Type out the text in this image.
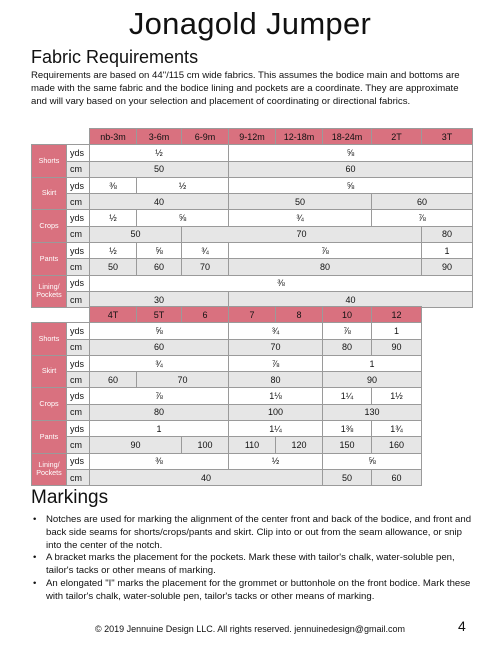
Jonagold Jumper
Fabric Requirements

Requirements are based on 44"/115 cm wide fabrics. This assumes the bodice main and bottoms are made with the same fabric and the bodice lining and pockets are a coordinate. They are approximate and will vary based on your selection and placement of coordinating or directional fabrics.

		nb-3m	3-6m	6-9m	9-12m	12-18m	18-24m	2T	3T
Shorts	yds	½			⅝				
	cm	50			60				
Skirt	yds	⅜	½		⅝				
	cm	40			50			60	
Crops	yds	½	⅝		¾			⅞	
	cm	50		70					80
Pants	yds	½	⅝	¾	⅞				1
	cm	50	60	70	80				90
Lining/ Pockets	yds	⅜							
	cm	30			40				
		4T	5T	6	7	8	10	12
Shorts	yds	⅝			¾		⅞	1
	cm	60			70		80	90
Skirt	yds	¾			⅞		1	
	cm	60	70		80		90	
Crops	yds	⅞			1⅛		1¼	1½
	cm	80			100		130	
Pants	yds	1			1¼		1⅜	1¾
	cm	90		100	110	120	150	160
Lining/ Pockets	yds	⅜			½		⅝	
	cm	40					50	60
Markings
• Notches are used for marking the alignment of the center front and back of the bodice, and front and back side seams for shorts/crops/pants and skirt. Clip into or out from the seam allowance, or snip into the center of the notch.
• A bracket marks the placement for the pockets. Mark these with tailor's chalk, water-soluble pen, tailor's tacks or other means of marking.
• An elongated "I" marks the placement for the grommet or buttonhole on the front bodice. Mark these with tailor's chalk, water-soluble pen, tailor's tacks or other means of marking.
© 2019 Jennuine Design LLC. All rights reserved. jennuinedesign@gmail.com	4
